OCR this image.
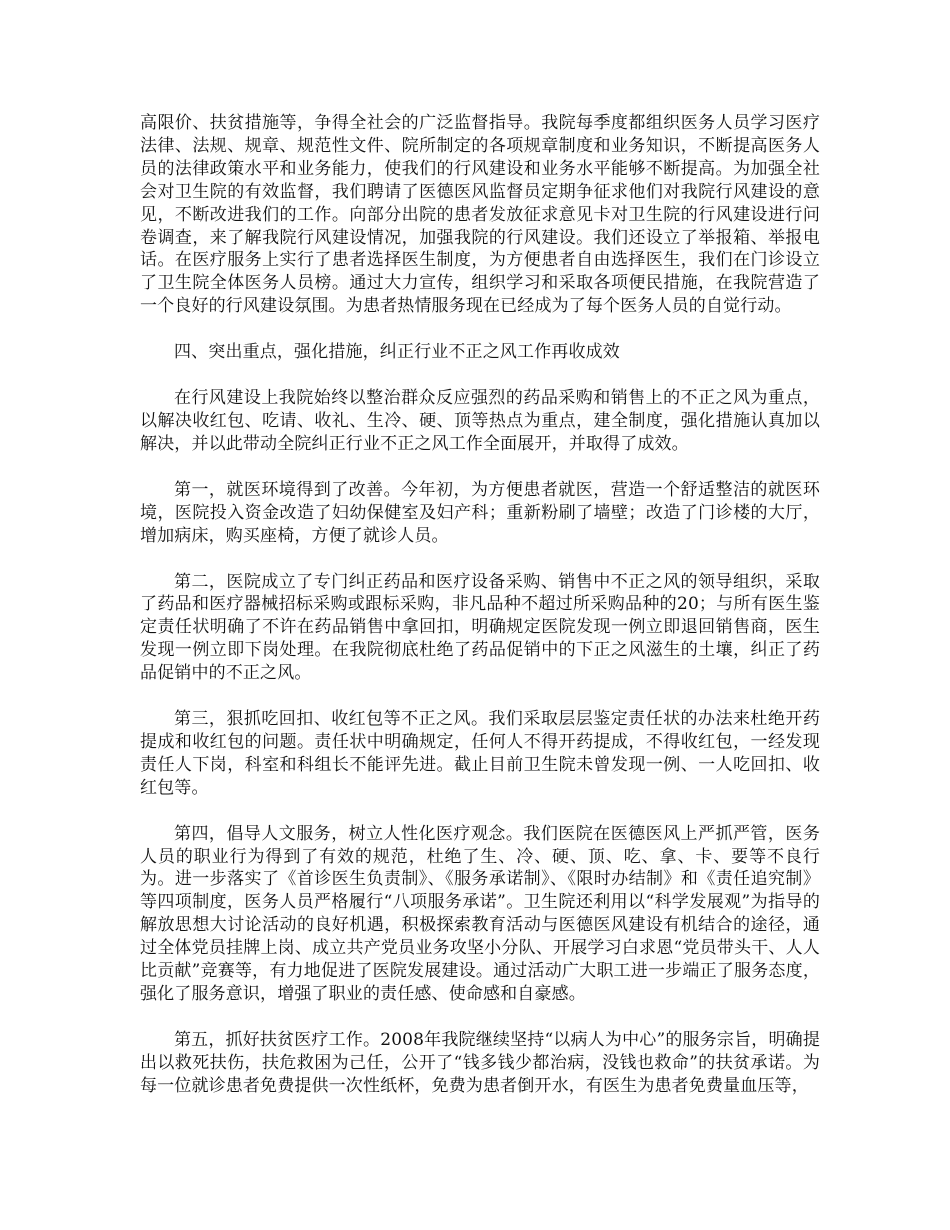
高限价、扶贫措施等，争得全社会的广泛监督指导。我院每季度都组织医务人员学习医疗法律、法规、规章、规范性文件、院所制定的各项规章制度和业务知识，不断提高医务人员的法律政策水平和业务能力，使我们的行风建设和业务水平能够不断提高。为加强全社会对卫生院的有效监督，我们聘请了医德医风监督员定期争征求他们对我院行风建设的意见，不断改进我们的工作。向部分出院的患者发放征求意见卡对卫生院的行风建设进行问卷调查，来了解我院行风建设情况，加强我院的行风建设。我们还设立了举报箱、举报电话。在医疗服务上实行了患者选择医生制度，为方便患者自由选择医生，我们在门诊设立了卫生院全体医务人员榜。通过大力宣传，组织学习和采取各项便民措施，在我院营造了一个良好的行风建设氛围。为患者热情服务现在已经成为了每个医务人员的自觉行动。

四、突出重点，强化措施，纠正行业不正之风工作再收成效

在行风建设上我院始终以整治群众反应强烈的药品采购和销售上的不正之风为重点，以解决收红包、吃请、收礼、生冷、硬、顶等热点为重点，建全制度，强化措施认真加以解决，并以此带动全院纠正行业不正之风工作全面展开，并取得了成效。

第一，就医环境得到了改善。今年初，为方便患者就医，营造一个舒适整洁的就医环境，医院投入资金改造了妇幼保健室及妇产科；重新粉刷了墙壁；改造了门诊楼的大厅，增加病床，购买座椅，方便了就诊人员。

第二，医院成立了专门纠正药品和医疗设备采购、销售中不正之风的领导组织，采取了药品和医疗器械招标采购或跟标采购，非凡品种不超过所采购品种的20；与所有医生鉴定责任状明确了不许在药品销售中拿回扣，明确规定医院发现一例立即退回销售商，医生发现一例立即下岗处理。在我院彻底杜绝了药品促销中的下正之风滋生的土壤，纠正了药品促销中的不正之风。

第三，狠抓吃回扣、收红包等不正之风。我们采取层层鉴定责任状的办法来杜绝开药提成和收红包的问题。责任状中明确规定，任何人不得开药提成，不得收红包，一经发现责任人下岗，科室和科组长不能评先进。截止目前卫生院未曾发现一例、一人吃回扣、收红包等。

第四，倡导人文服务，树立人性化医疗观念。我们医院在医德医风上严抓严管，医务人员的职业行为得到了有效的规范，杜绝了生、冷、硬、顶、吃、拿、卡、要等不良行为。进一步落实了《首诊医生负责制》、《服务承诺制》、《限时办结制》和《责任追究制》等四项制度，医务人员严格履行“八项服务承诺”。卫生院还利用以“科学发展观”为指导的解放思想大讨论活动的良好机遇，积极探索教育活动与医德医风建设有机结合的途径，通过全体党员挂牌上岗、成立共产党员业务攻坚小分队、开展学习白求恩“党员带头干、人人比贡献”竞赛等，有力地促进了医院发展建设。通过活动广大职工进一步端正了服务态度，强化了服务意识，增强了职业的责任感、使命感和自豪感。

第五，抓好扶贫医疗工作。2008年我院继续坚持“以病人为中心”的服务宗旨，明确提出以救死扶伤，扶危救困为己任，公开了“钱多钱少都治病，没钱也救命”的扶贫承诺。为每一位就诊患者免费提供一次性纸杯，免费为患者倒开水，有医生为患者免费量血压等，
